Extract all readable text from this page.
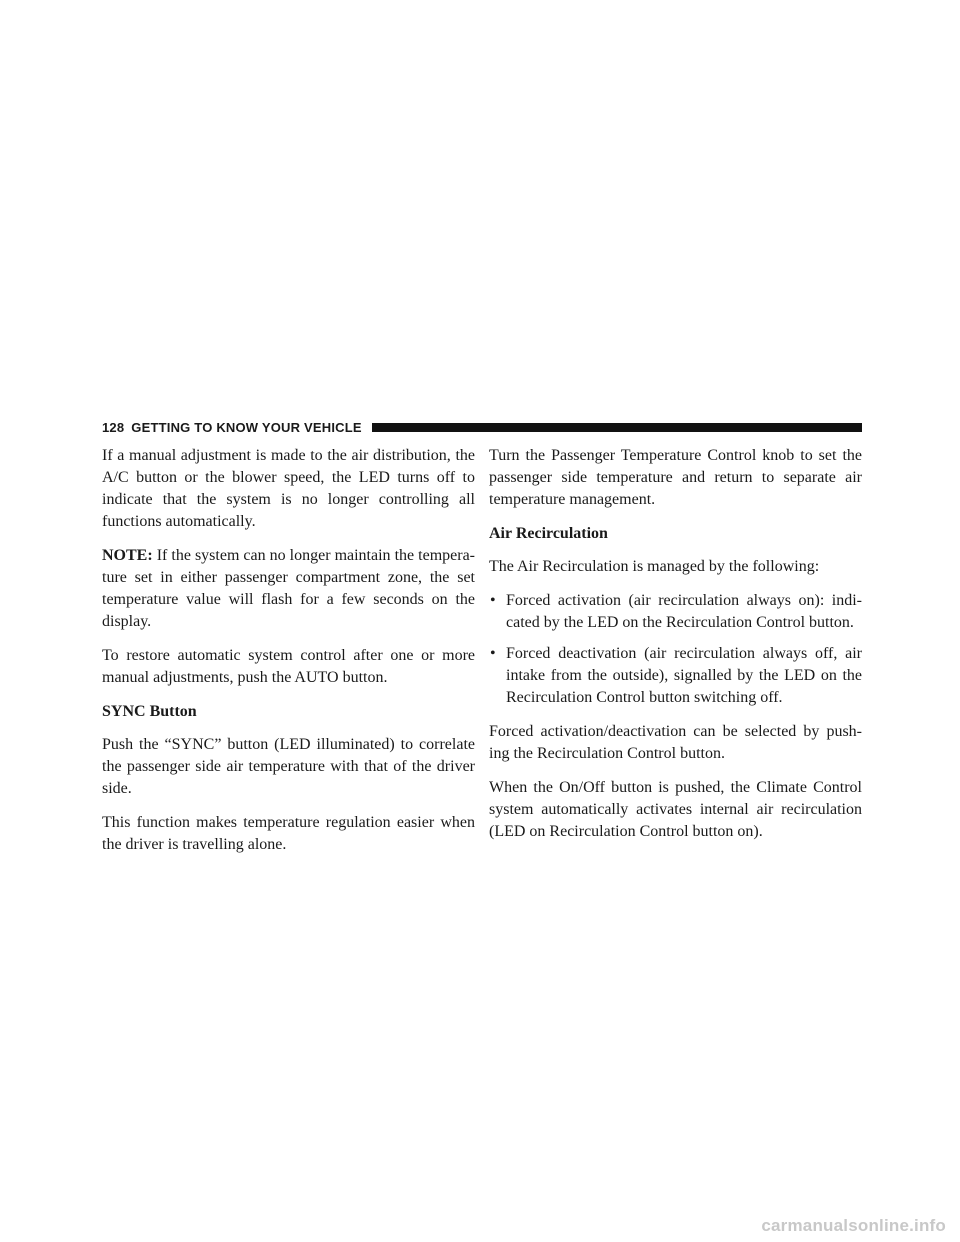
128 GETTING TO KNOW YOUR VEHICLE

If a manual adjustment is made to the air distribution, the A/C button or the blower speed, the LED turns off to indicate that the system is no longer controlling all functions automatically.

NOTE: If the system can no longer maintain the tempera-ture set in either passenger compartment zone, the set temperature value will flash for a few seconds on the display.

To restore automatic system control after one or more manual adjustments, push the AUTO button.

SYNC Button

Push the “SYNC” button (LED illuminated) to correlate the passenger side air temperature with that of the driver side.

This function makes temperature regulation easier when the driver is travelling alone.

Turn the Passenger Temperature Control knob to set the passenger side temperature and return to separate air temperature management.

Air Recirculation

The Air Recirculation is managed by the following:

• Forced activation (air recirculation always on): indi-cated by the LED on the Recirculation Control button.
• Forced deactivation (air recirculation always off, air intake from the outside), signalled by the LED on the Recirculation Control button switching off.

Forced activation/deactivation can be selected by push-ing the Recirculation Control button.

When the On/Off button is pushed, the Climate Control system automatically activates internal air recirculation (LED on Recirculation Control button on).

carmanualsonline.info
